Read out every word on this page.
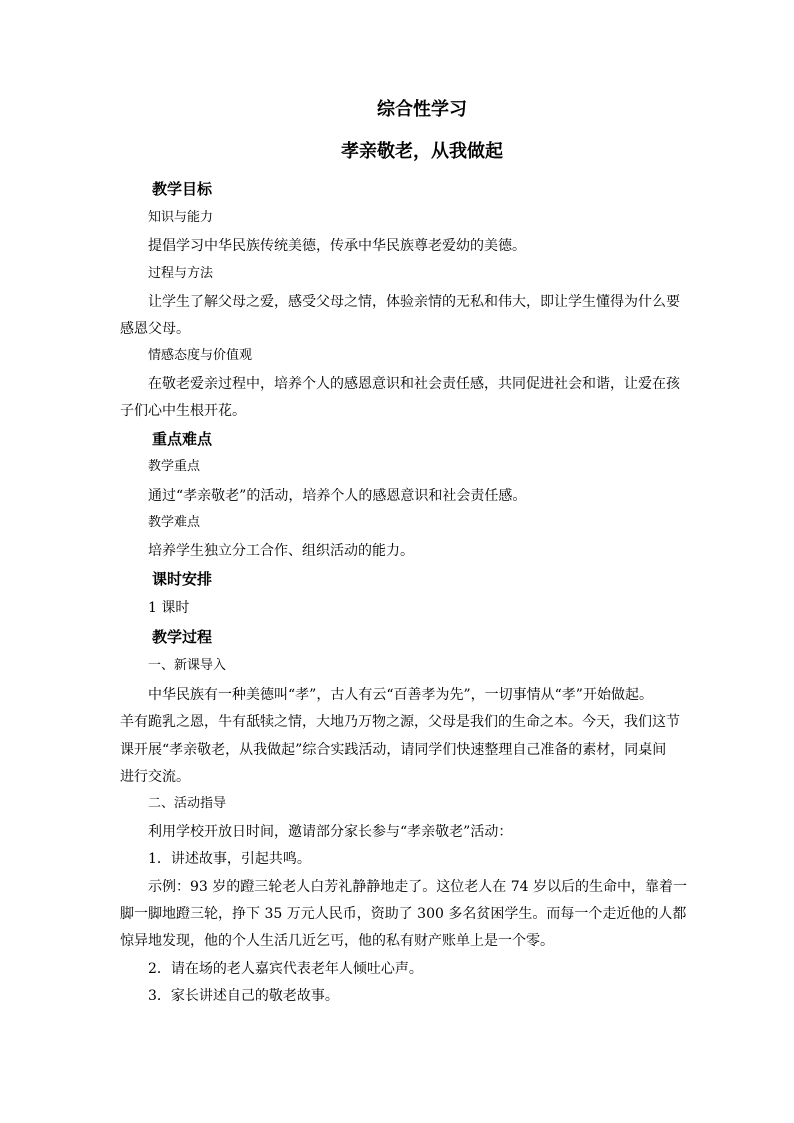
综合性学习
孝亲敬老，从我做起
教学目标
知识与能力
提倡学习中华民族传统美德，传承中华民族尊老爱幼的美德。
过程与方法
让学生了解父母之爱，感受父母之情，体验亲情的无私和伟大，即让学生懂得为什么要
感恩父母。
情感态度与价值观
在敬老爱亲过程中，培养个人的感恩意识和社会责任感，共同促进社会和谐，让爱在孩
子们心中生根开花。
重点难点
教学重点
通过“孝亲敬老”的活动，培养个人的感恩意识和社会责任感。
教学难点
培养学生独立分工合作、组织活动的能力。
课时安排
1 课时
教学过程
一、新课导入
中华民族有一种美德叫“孝”，古人有云“百善孝为先”，一切事情从“孝”开始做起。
羊有跪乳之恩，牛有舐犊之情，大地乃万物之源，父母是我们的生命之本。今天，我们这节
课开展“孝亲敬老，从我做起”综合实践活动，请同学们快速整理自己准备的素材，同桌间
进行交流。
二、活动指导
利用学校开放日时间，邀请部分家长参与“孝亲敬老”活动：
1．讲述故事，引起共鸣。
示例：93 岁的蹬三轮老人白芳礼静静地走了。这位老人在 74 岁以后的生命中，靠着一
脚一脚地蹬三轮，挣下 35 万元人民币，资助了 300 多名贫困学生。而每一个走近他的人都
惊异地发现，他的个人生活几近乞丐，他的私有财产账单上是一个零。
2．请在场的老人嘉宾代表老年人倾吐心声。
3．家长讲述自己的敬老故事。
